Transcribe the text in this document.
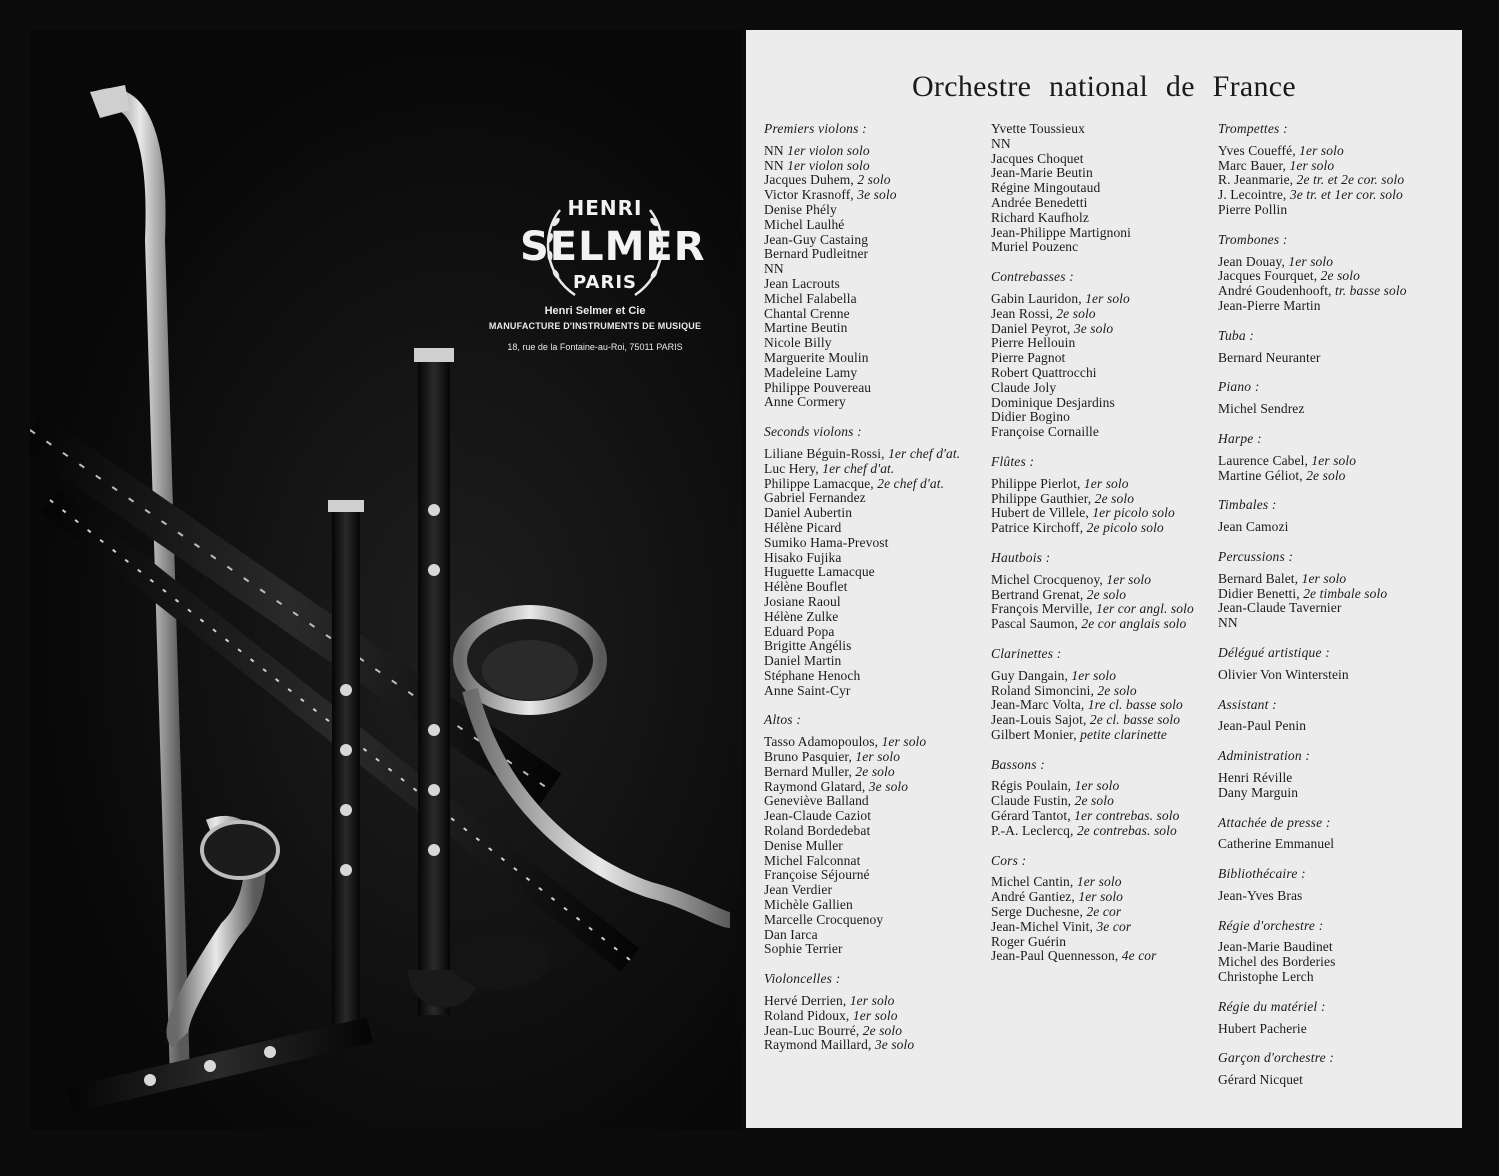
HENRI
SELMER
PARIS
Henri Selmer et Cie
MANUFACTURE D'INSTRUMENTS DE MUSIQUE
18, rue de la Fontaine-au-Roi, 75011 PARIS
Orchestre national de France
Premiers violons :
NN 1er violon solo
NN 1er violon solo
Jacques Duhem, 2 solo
Victor Krasnoff, 3e solo
Denise Phély
Michel Laulhé
Jean-Guy Castaing
Bernard Pudleitner
NN
Jean Lacrouts
Michel Falabella
Chantal Crenne
Martine Beutin
Nicole Billy
Marguerite Moulin
Madeleine Lamy
Philippe Pouvereau
Anne Cormery
Seconds violons :
Liliane Béguin-Rossi, 1er chef d'at.
Luc Hery, 1er chef d'at.
Philippe Lamacque, 2e chef d'at.
Gabriel Fernandez
Daniel Aubertin
Hélène Picard
Sumiko Hama-Prevost
Hisako Fujika
Huguette Lamacque
Hélène Bouflet
Josiane Raoul
Hélène Zulke
Eduard Popa
Brigitte Angélis
Daniel Martin
Stéphane Henoch
Anne Saint-Cyr
Altos :
Tasso Adamopoulos, 1er solo
Bruno Pasquier, 1er solo
Bernard Muller, 2e solo
Raymond Glatard, 3e solo
Geneviève Balland
Jean-Claude Caziot
Roland Bordedebat
Denise Muller
Michel Falconnat
Françoise Séjourné
Jean Verdier
Michèle Gallien
Marcelle Crocquenoy
Dan Iarca
Sophie Terrier
Violoncelles :
Hervé Derrien, 1er solo
Roland Pidoux, 1er solo
Jean-Luc Bourré, 2e solo
Raymond Maillard, 3e solo
Yvette Toussieux
NN
Jacques Choquet
Jean-Marie Beutin
Régine Mingoutaud
Andrée Benedetti
Richard Kaufholz
Jean-Philippe Martignoni
Muriel Pouzenc
Contrebasses :
Gabin Lauridon, 1er solo
Jean Rossi, 2e solo
Daniel Peyrot, 3e solo
Pierre Hellouin
Pierre Pagnot
Robert Quattrocchi
Claude Joly
Dominique Desjardins
Didier Bogino
Françoise Cornaille
Flûtes :
Philippe Pierlot, 1er solo
Philippe Gauthier, 2e solo
Hubert de Villele, 1er picolo solo
Patrice Kirchoff, 2e picolo solo
Hautbois :
Michel Crocquenoy, 1er solo
Bertrand Grenat, 2e solo
François Merville, 1er cor angl. solo
Pascal Saumon, 2e cor anglais solo
Clarinettes :
Guy Dangain, 1er solo
Roland Simoncini, 2e solo
Jean-Marc Volta, 1re cl. basse solo
Jean-Louis Sajot, 2e cl. basse solo
Gilbert Monier, petite clarinette
Bassons :
Régis Poulain, 1er solo
Claude Fustin, 2e solo
Gérard Tantot, 1er contrebas. solo
P.-A. Leclercq, 2e contrebas. solo
Cors :
Michel Cantin, 1er solo
André Gantiez, 1er solo
Serge Duchesne, 2e cor
Jean-Michel Vinit, 3e cor
Roger Guérin
Jean-Paul Quennesson, 4e cor
Trompettes :
Yves Coueffé, 1er solo
Marc Bauer, 1er solo
R. Jeanmarie, 2e tr. et 2e cor. solo
J. Lecointre, 3e tr. et 1er cor. solo
Pierre Pollin
Trombones :
Jean Douay, 1er solo
Jacques Fourquet, 2e solo
André Goudenhooft, tr. basse solo
Jean-Pierre Martin
Tuba :
Bernard Neuranter
Piano :
Michel Sendrez
Harpe :
Laurence Cabel, 1er solo
Martine Géliot, 2e solo
Timbales :
Jean Camozi
Percussions :
Bernard Balet, 1er solo
Didier Benetti, 2e timbale solo
Jean-Claude Tavernier
NN
Délégué artistique :
Olivier Von Winterstein
Assistant :
Jean-Paul Penin
Administration :
Henri Réville
Dany Marguin
Attachée de presse :
Catherine Emmanuel
Bibliothécaire :
Jean-Yves Bras
Régie d'orchestre :
Jean-Marie Baudinet
Michel des Borderies
Christophe Lerch
Régie du matériel :
Hubert Pacherie
Garçon d'orchestre :
Gérard Nicquet
